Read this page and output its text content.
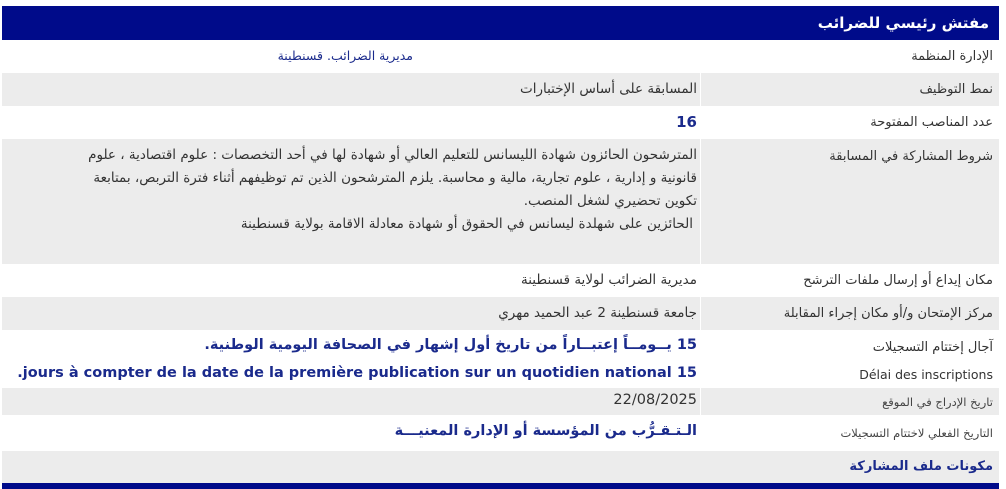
مفتش رئيسي للضرائب
الإدارة المنظمة
مديرية الضرائب. قسنطينة
نمط التوظيف
المسابقة على أساس الإختبارات
عدد المناصب المفتوحة
16
شروط المشاركة في المسابقة
المترشحون الحائزون شهادة الليسانس للتعليم العالي أو شهادة لها في أحد التخصصات : علوم اقتصادية ، علوم
قانونية و إدارية ، علوم تجارية، مالية و محاسبة. يلزم المترشحون الذين تم توظيفهم أثناء فترة التربص، بمتابعة
تكوين تحضيري لشغل المنصب.
الحائزين على شهلدة ليسانس في الحقوق أو شهادة معادلة الاقامة بولاية قسنطينة
مكان إيداع أو إرسال ملفات الترشح
مديرية الضرائب لولاية قسنطينة
مركز الإمتحان و/أو مكان إجراء المقابلة
جامعة قسنطينة 2 عبد الحميد مهري
آجال إختتام التسجيلات
Délai des inscriptions
15 يــومــاً إعتبــاراً من تاريخ أول إشهار في الصحافة اليومية الوطنية.
15 jours à compter de la date de la première publication sur un quotidien national.
تاريخ الإدراج في الموقع
22/08/2025
التاريخ الفعلي لاختتام التسجيلات
الـتـقـرُّب من المؤسسة أو الإدارة المعنيـــة
مكونات ملف المشاركة
